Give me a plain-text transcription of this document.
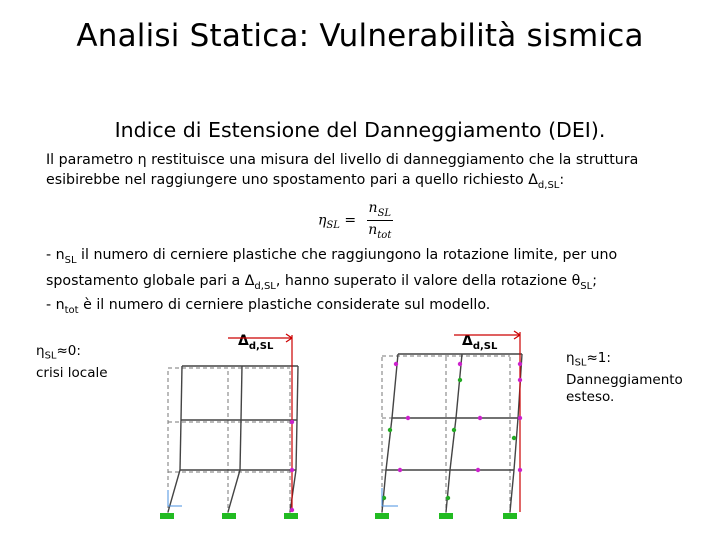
Analisi Statica: Vulnerabilità sismica
Indice di Estensione del Danneggiamento (DEI).
Il parametro η restituisce una misura del livello di danneggiamento che la struttura
esibirebbe nel raggiungere uno spostamento pari a quello richiesto $\Delta_{d,SL}$:
$\eta_{SL} = \frac{n_{SL}}{n_{tot}}$
- $n_{SL}$ il numero di cerniere plastiche che raggiungono la rotazione limite, per uno
spostamento globale pari a $\Delta_{d,SL}$, hanno superato il valore della rotazione $\theta_{SL}$;
- $n_{tot}$ è il numero di cerniere plastiche considerate sul modello.
$\eta_{SL}\approx 0$:
crisi locale
$\eta_{SL}\approx 1$:
Danneggiamento
esteso.
$\Delta_{d,SL}$	$\Delta_{d,SL}$
